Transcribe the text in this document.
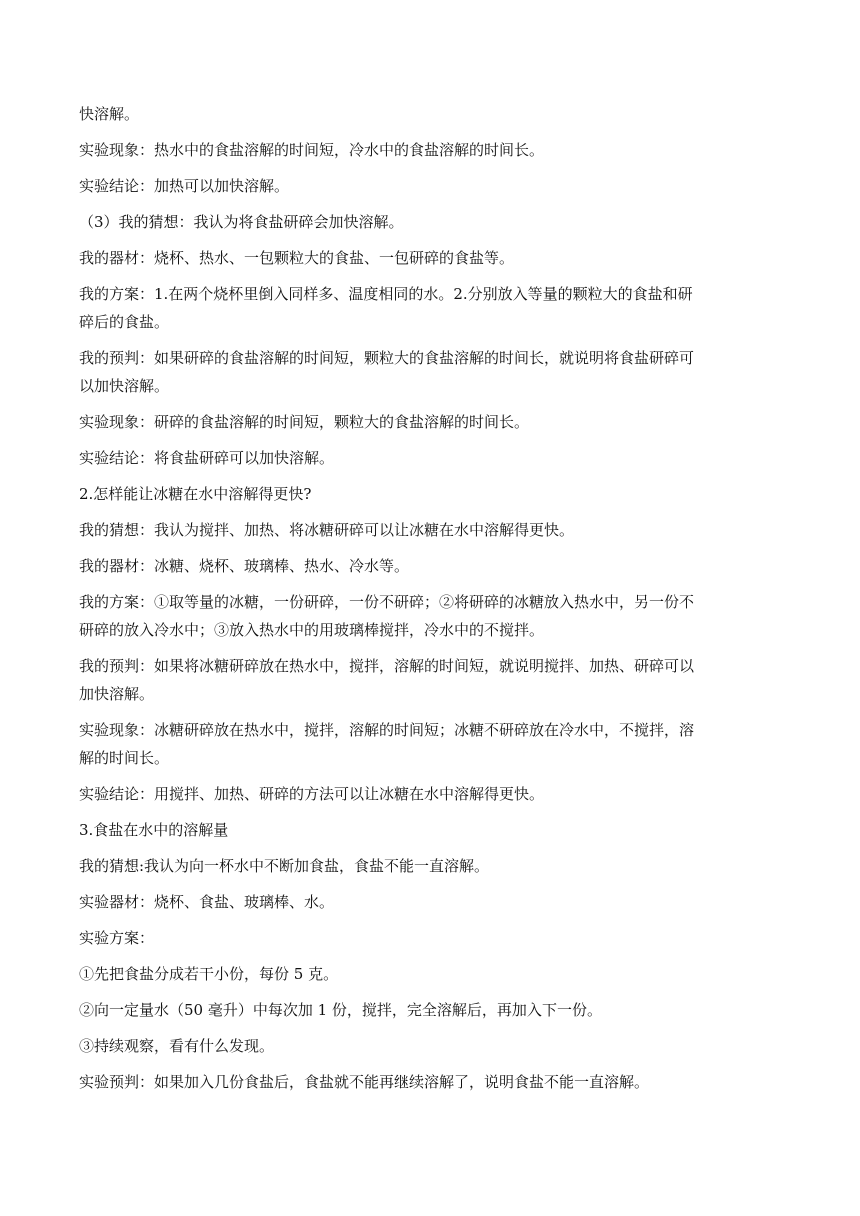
快溶解。

实验现象：热水中的食盐溶解的时间短，冷水中的食盐溶解的时间长。

实验结论：加热可以加快溶解。

（3）我的猜想：我认为将食盐研碎会加快溶解。

我的器材：烧杯、热水、一包颗粒大的食盐、一包研碎的食盐等。

我的方案：1.在两个烧杯里倒入同样多、温度相同的水。2.分别放入等量的颗粒大的食盐和研

碎后的食盐。

我的预判：如果研碎的食盐溶解的时间短，颗粒大的食盐溶解的时间长，就说明将食盐研碎可

以加快溶解。

实验现象：研碎的食盐溶解的时间短，颗粒大的食盐溶解的时间长。

实验结论：将食盐研碎可以加快溶解。

2.怎样能让冰糖在水中溶解得更快?

我的猜想：我认为搅拌、加热、将冰糖研碎可以让冰糖在水中溶解得更快。

我的器材：冰糖、烧杯、玻璃棒、热水、冷水等。

我的方案：①取等量的冰糖，一份研碎，一份不研碎；②将研碎的冰糖放入热水中，另一份不

研碎的放入冷水中；③放入热水中的用玻璃棒搅拌，冷水中的不搅拌。

我的预判：如果将冰糖研碎放在热水中，搅拌，溶解的时间短，就说明搅拌、加热、研碎可以

加快溶解。

实验现象：冰糖研碎放在热水中，搅拌，溶解的时间短；冰糖不研碎放在冷水中，不搅拌，溶

解的时间长。

实验结论：用搅拌、加热、研碎的方法可以让冰糖在水中溶解得更快。

3.食盐在水中的溶解量

我的猜想:我认为向一杯水中不断加食盐，食盐不能一直溶解。

实验器材：烧杯、食盐、玻璃棒、水。

实验方案：

①先把食盐分成若干小份，每份 5 克。

②向一定量水（50 毫升）中每次加 1 份，搅拌，完全溶解后，再加入下一份。

③持续观察，看有什么发现。

实验预判：如果加入几份食盐后，食盐就不能再继续溶解了，说明食盐不能一直溶解。
